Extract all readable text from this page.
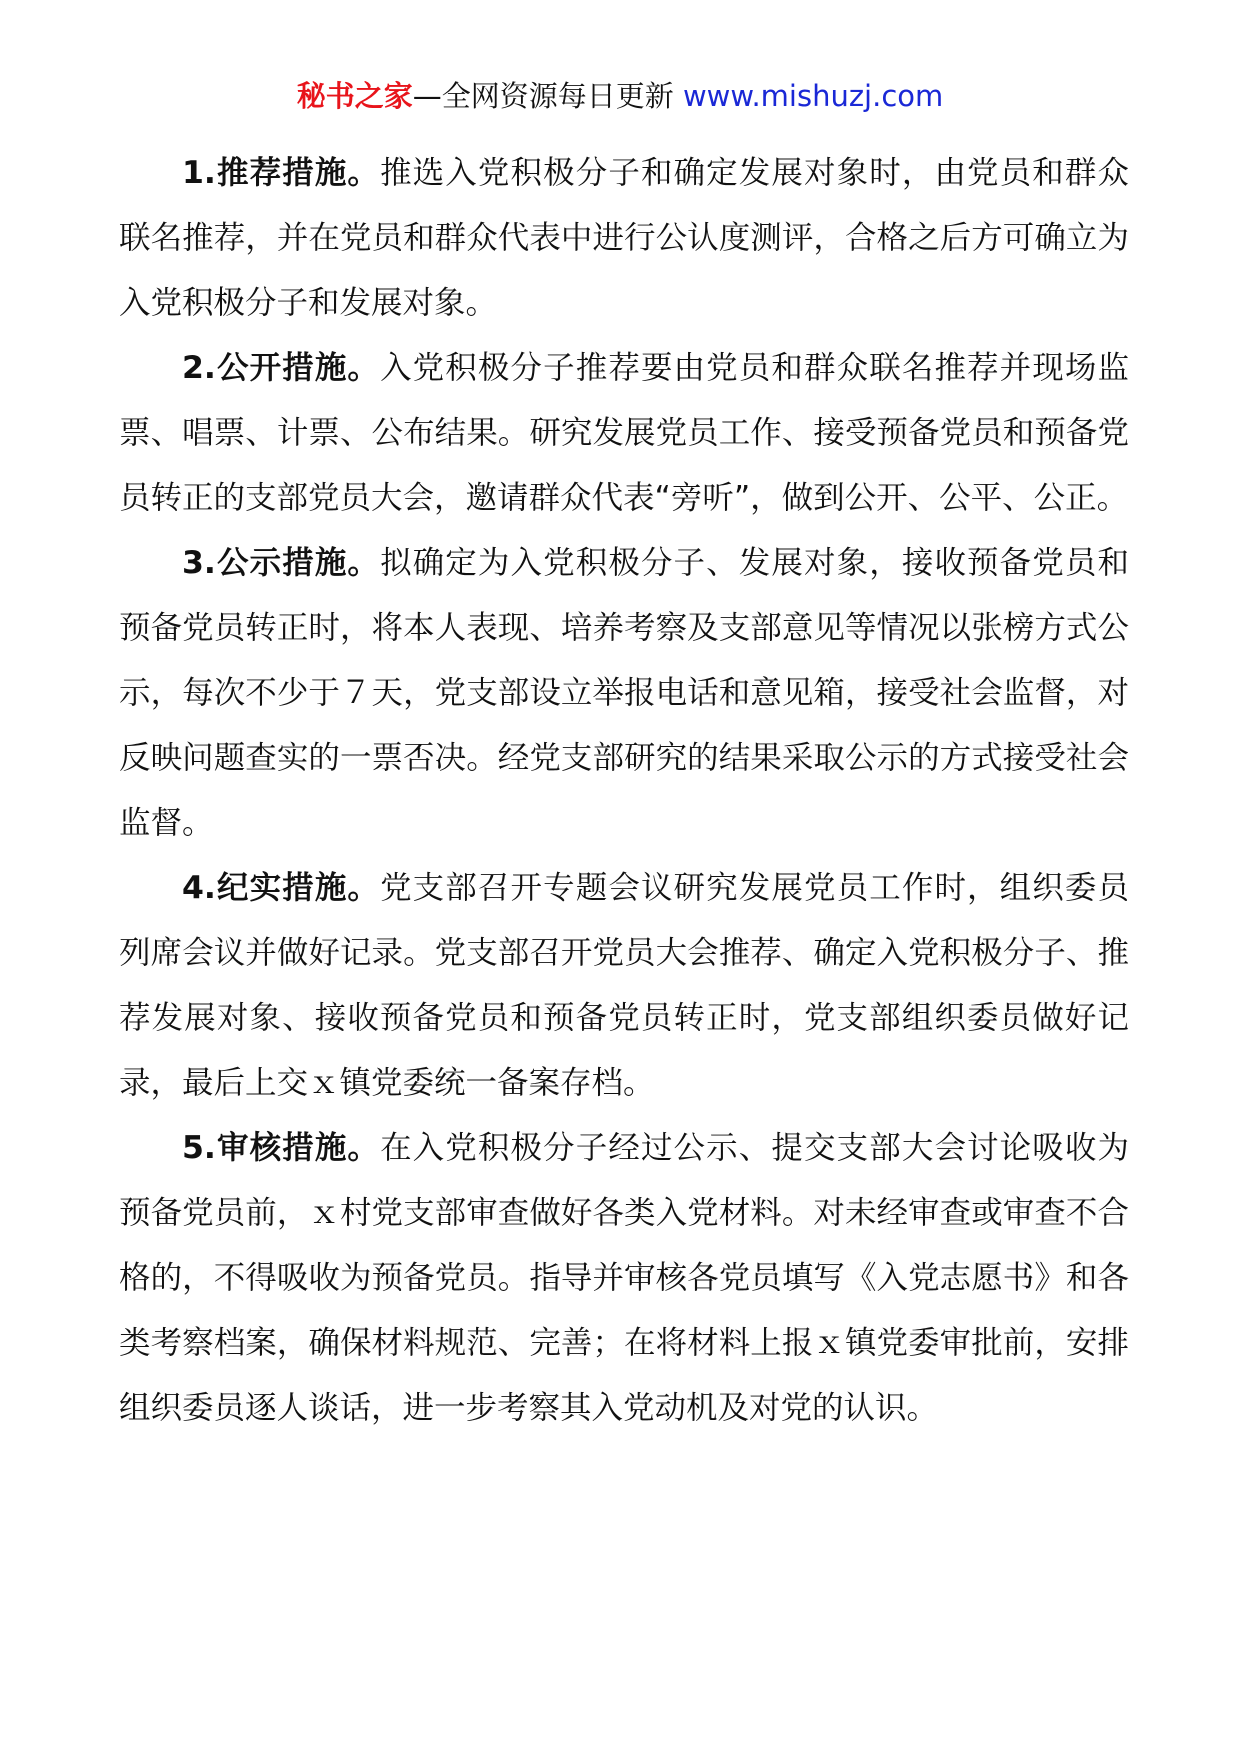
秘书之家—全网资源每日更新 www.mishuzj.com

1.推荐措施。推选入党积极分子和确定发展对象时，由党员和群众联名推荐，并在党员和群众代表中进行公认度测评，合格之后方可确立为入党积极分子和发展对象。

2.公开措施。入党积极分子推荐要由党员和群众联名推荐并现场监票、唱票、计票、公布结果。研究发展党员工作、接受预备党员和预备党员转正的支部党员大会，邀请群众代表“旁听”，做到公开、公平、公正。

3.公示措施。拟确定为入党积极分子、发展对象，接收预备党员和预备党员转正时，将本人表现、培养考察及支部意见等情况以张榜方式公示，每次不少于７天，党支部设立举报电话和意见箱，接受社会监督，对反映问题查实的一票否决。经党支部研究的结果采取公示的方式接受社会监督。

4.纪实措施。党支部召开专题会议研究发展党员工作时，组织委员列席会议并做好记录。党支部召开党员大会推荐、确定入党积极分子、推荐发展对象、接收预备党员和预备党员转正时，党支部组织委员做好记录，最后上交ｘ镇党委统一备案存档。

5.审核措施。在入党积极分子经过公示、提交支部大会讨论吸收为预备党员前，ｘ村党支部审查做好各类入党材料。对未经审查或审查不合格的，不得吸收为预备党员。指导并审核各党员填写《入党志愿书》和各类考察档案，确保材料规范、完善；在将材料上报ｘ镇党委审批前，安排组织委员逐人谈话，进一步考察其入党动机及对党的认识。
